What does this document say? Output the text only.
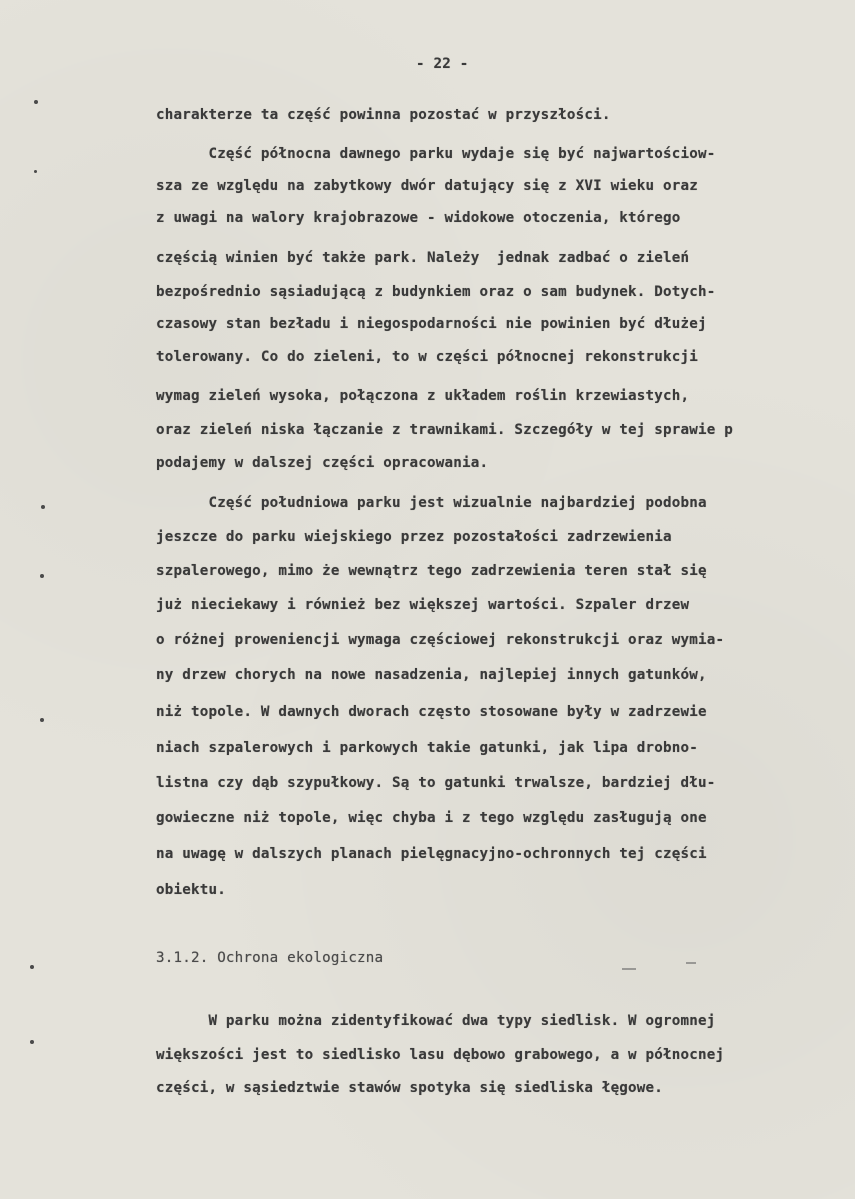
- 22 -
charakterze ta część powinna pozostać w przyszłości.
Część północna dawnego parku wydaje się być najwartościow-
sza ze względu na zabytkowy dwór datujący się z XVI wieku oraz
z uwagi na walory krajobrazowe - widokowe otoczenia, którego
częścią winien być także park. Należy  jednak zadbać o zieleń
bezpośrednio sąsiadującą z budynkiem oraz o sam budynek. Dotych-
czasowy stan bezładu i niegospodarności nie powinien być dłużej
tolerowany. Co do zieleni, to w części północnej rekonstrukcji
wymag zieleń wysoka, połączona z układem roślin krzewiastych,
oraz zieleń niska łączanie z trawnikami. Szczegóły w tej sprawie p
podajemy w dalszej części opracowania.
Część południowa parku jest wizualnie najbardziej podobna
jeszcze do parku wiejskiego przez pozostałości zadrzewienia
szpalerowego, mimo że wewnątrz tego zadrzewienia teren stał się
już nieciekawy i również bez większej wartości. Szpaler drzew
o różnej proweniencji wymaga częściowej rekonstrukcji oraz wymia-
ny drzew chorych na nowe nasadzenia, najlepiej innych gatunków,
niż topole. W dawnych dworach często stosowane były w zadrzewie
niach szpalerowych i parkowych takie gatunki, jak lipa drobno-
listna czy dąb szypułkowy. Są to gatunki trwalsze, bardziej dłu-
gowieczne niż topole, więc chyba i z tego względu zasługują one
na uwagę w dalszych planach pielęgnacyjno-ochronnych tej części
obiektu.
3.1.2. Ochrona ekologiczna
W parku można zidentyfikować dwa typy siedlisk. W ogromnej
większości jest to siedlisko lasu dębowo grabowego, a w północnej
części, w sąsiedztwie stawów spotyka się siedliska łęgowe.
